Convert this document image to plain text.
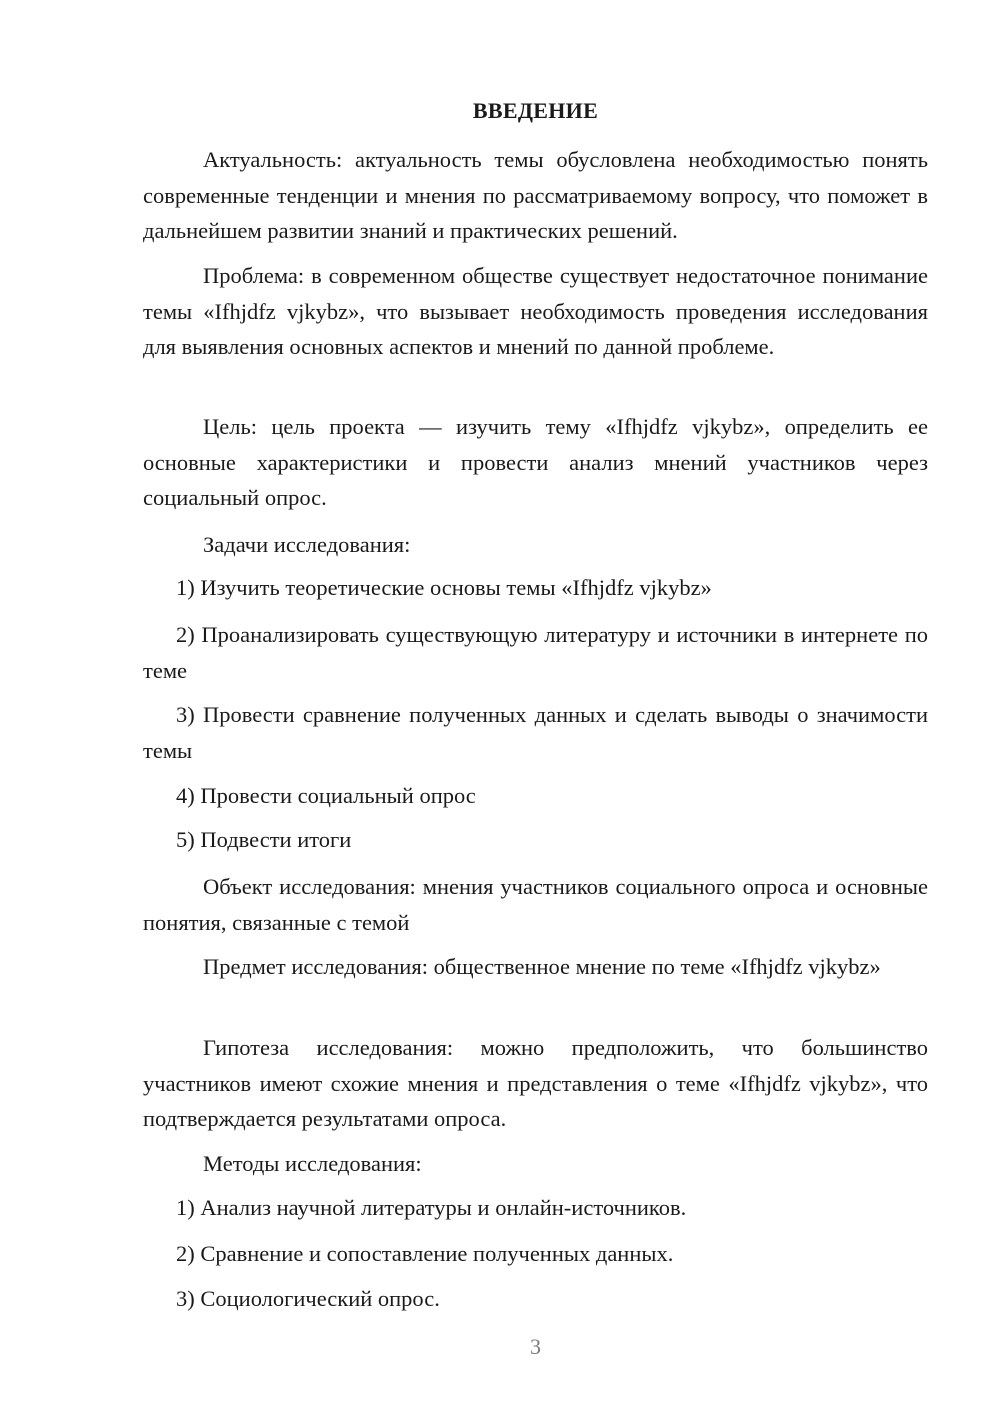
ВВЕДЕНИЕ

Актуальность: актуальность темы обусловлена необходимостью понять современные тенденции и мнения по рассматриваемому вопросу, что поможет в дальнейшем развитии знаний и практических решений.

Проблема: в современном обществе существует недостаточное понимание темы «Ifhjdfz vjkybz», что вызывает необходимость проведения исследования для выявления основных аспектов и мнений по данной проблеме.

Цель: цель проекта — изучить тему «Ifhjdfz vjkybz», определить ее основные характеристики и провести анализ мнений участников через социальный опрос.

Задачи исследования:

1) Изучить теоретические основы темы «Ifhjdfz vjkybz»

2) Проанализировать существующую литературу и источники в интернете по теме

3) Провести сравнение полученных данных и сделать выводы о значимости темы

4) Провести социальный опрос

5) Подвести итоги

Объект исследования: мнения участников социального опроса и основные понятия, связанные с темой

Предмет исследования: общественное мнение по теме «Ifhjdfz vjkybz»

Гипотеза исследования: можно предположить, что большинство участников имеют схожие мнения и представления о теме «Ifhjdfz vjkybz», что подтверждается результатами опроса.

Методы исследования:

1) Анализ научной литературы и онлайн-источников.

2) Сравнение и сопоставление полученных данных.

3) Социологический опрос.

3
